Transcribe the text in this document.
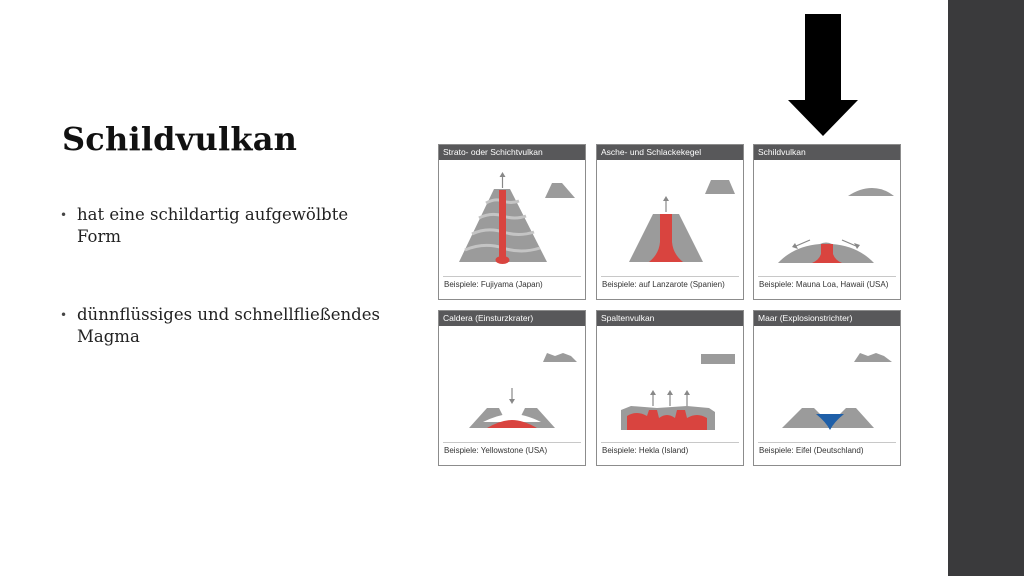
Schildvulkan
• hat eine schildartig aufgewölbte Form
• dünnflüssiges und schnellfließendes Magma
Strato- oder Schichtvulkan
Beispiele: Fujiyama (Japan)
Asche- und Schlackekegel
Beispiele: auf Lanzarote (Spanien)
Schildvulkan
Beispiele: Mauna Loa, Hawaii (USA)
Caldera (Einsturzkrater)
Beispiele: Yellowstone (USA)
Spaltenvulkan
Beispiele: Hekla (Island)
Maar (Explosionstrichter)
Beispiele: Eifel (Deutschland)
